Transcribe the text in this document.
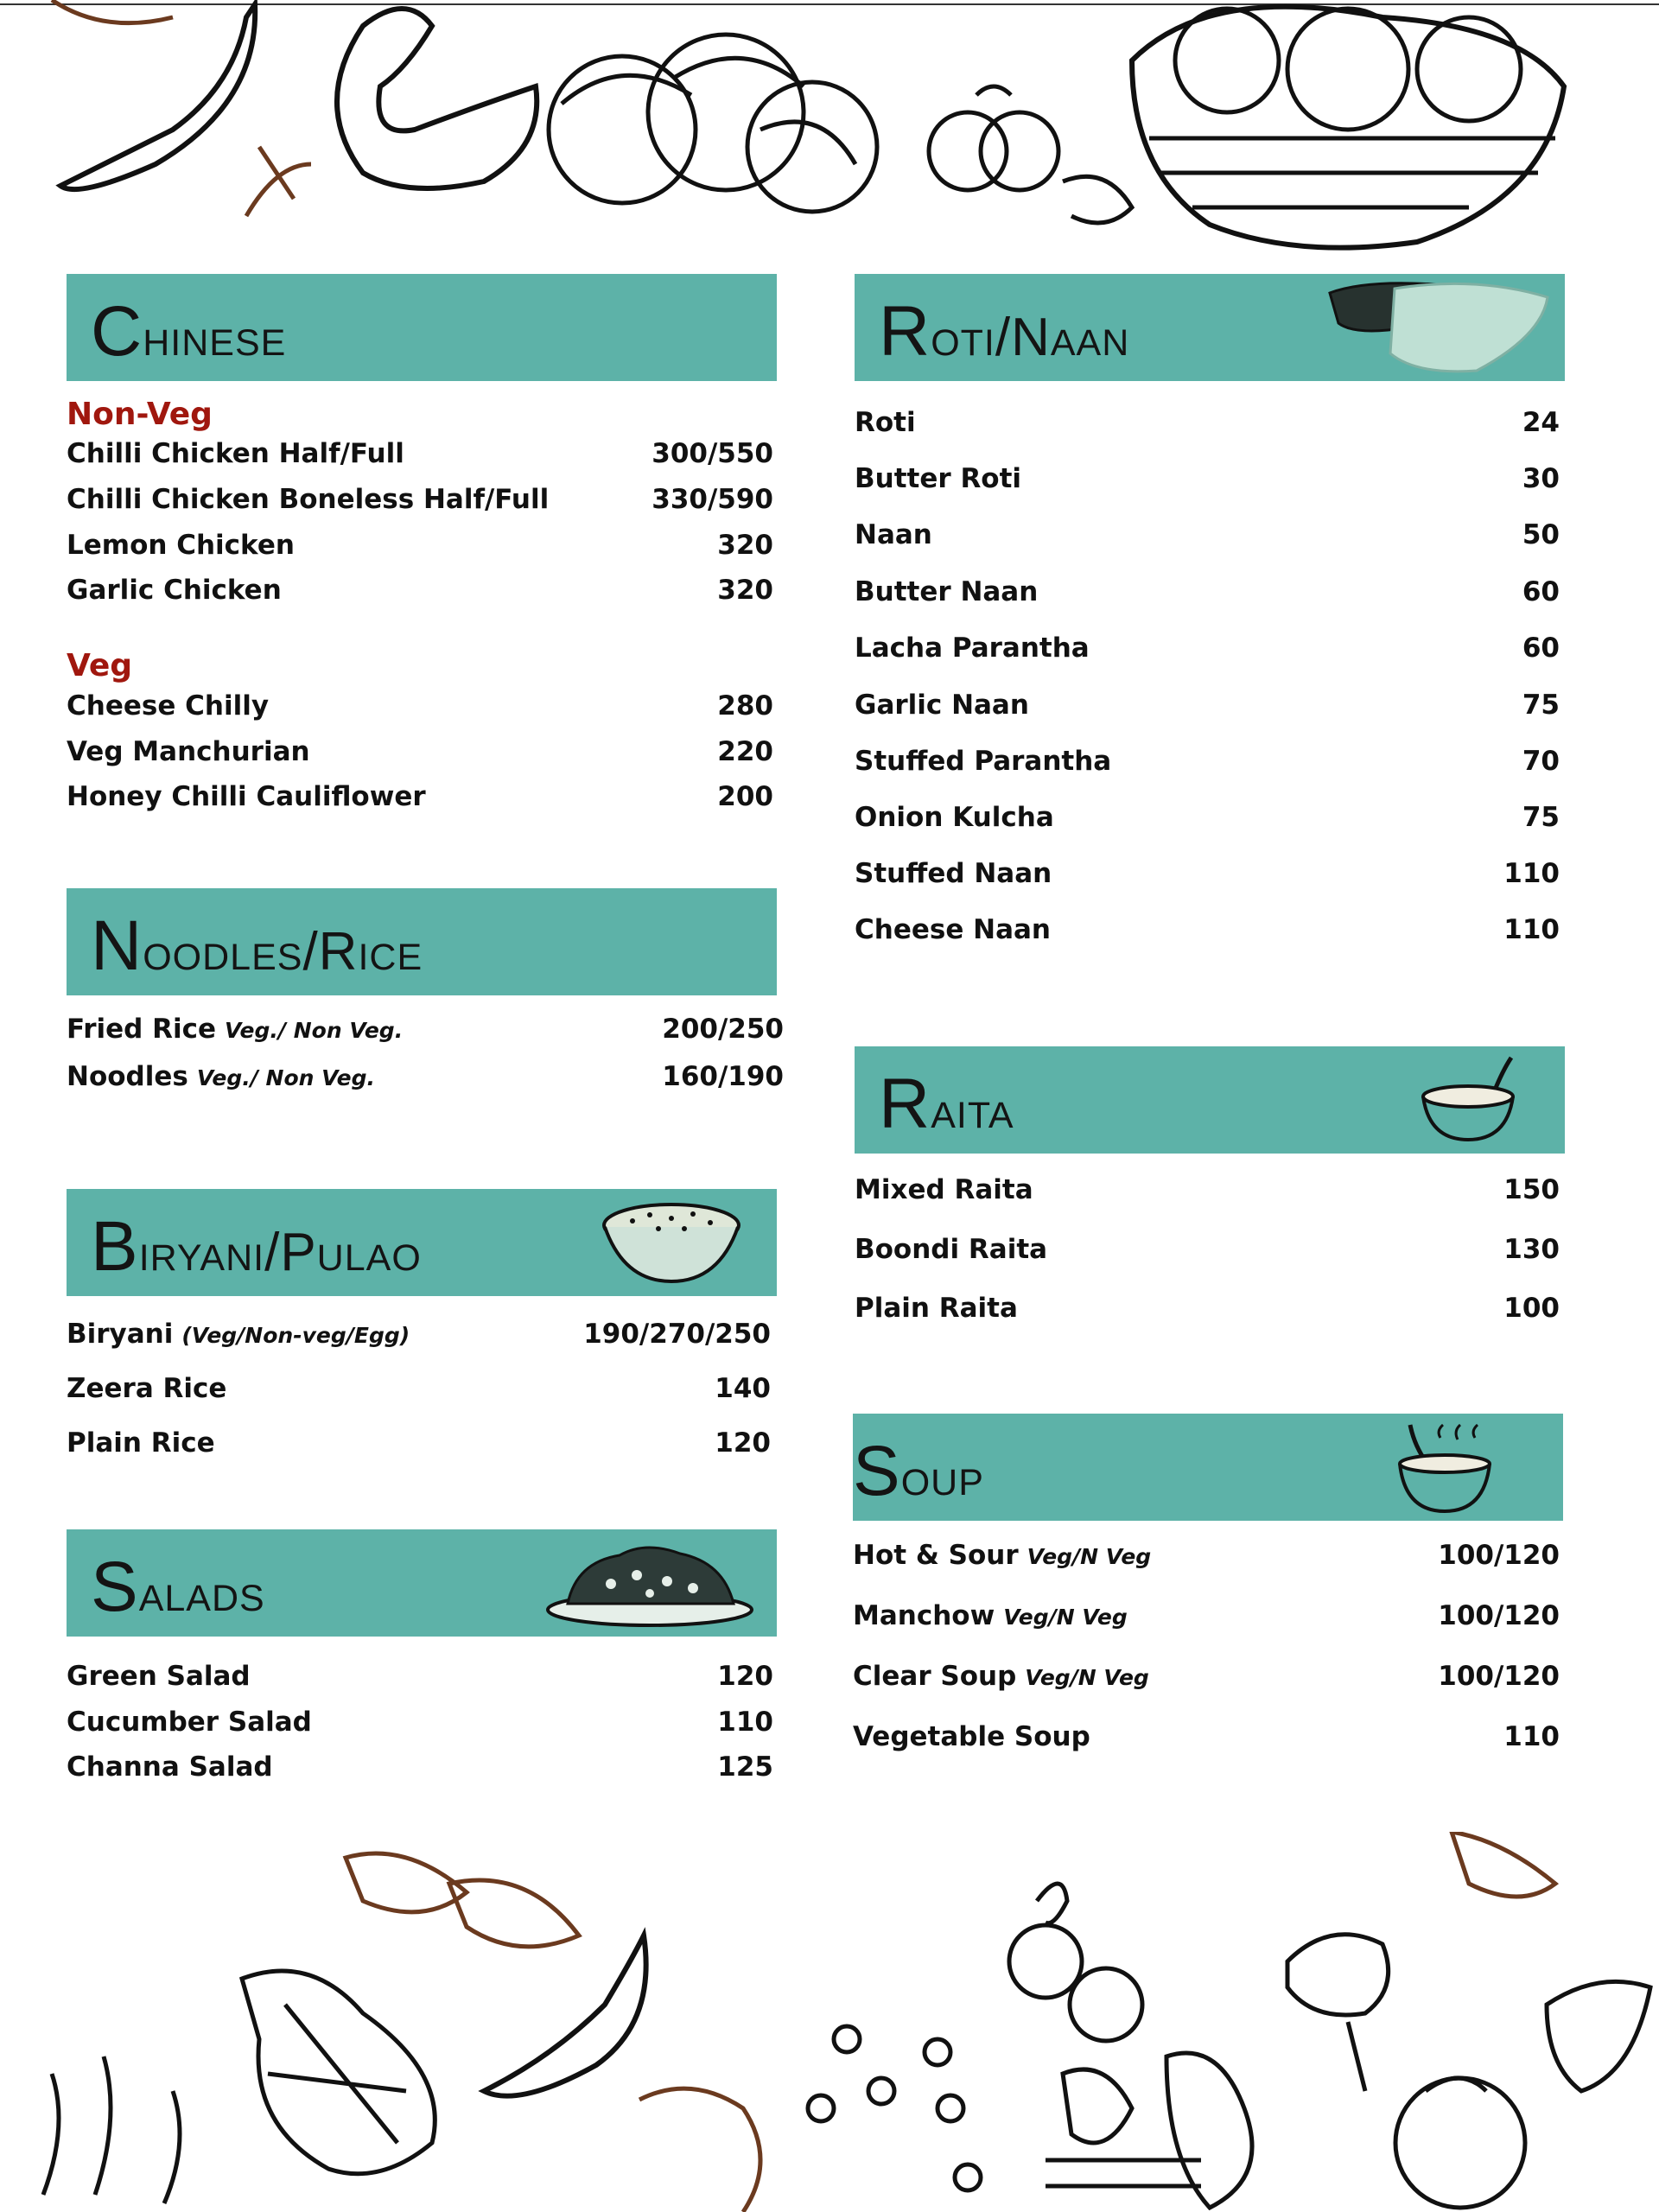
Chinese
Non-Veg
Chilli Chicken Half/Full	300/550
Chilli Chicken Boneless Half/Full	330/590
Lemon Chicken	320
Garlic Chicken	320
Veg
Cheese Chilly	280
Veg Manchurian	220
Honey Chilli Cauliflower	200
Noodles/Rice
Fried Rice Veg./ Non Veg.	200/250
Noodles Veg./ Non Veg.	160/190
Biryani/Pulao
Biryani (Veg/Non-veg/Egg)	190/270/250
Zeera Rice	140
Plain Rice	120
Salads
Green Salad	120
Cucumber Salad	110
Channa Salad	125
Roti/Naan
Roti	24
Butter Roti	30
Naan	50
Butter Naan	60
Lacha Parantha	60
Garlic Naan	75
Stuffed Parantha	70
Onion Kulcha	75
Stuffed Naan	110
Cheese Naan	110
Raita
Mixed Raita	150
Boondi Raita	130
Plain Raita	100
Soup
Hot & Sour Veg/N Veg	100/120
Manchow Veg/N Veg	100/120
Clear Soup Veg/N Veg	100/120
Vegetable Soup	110
